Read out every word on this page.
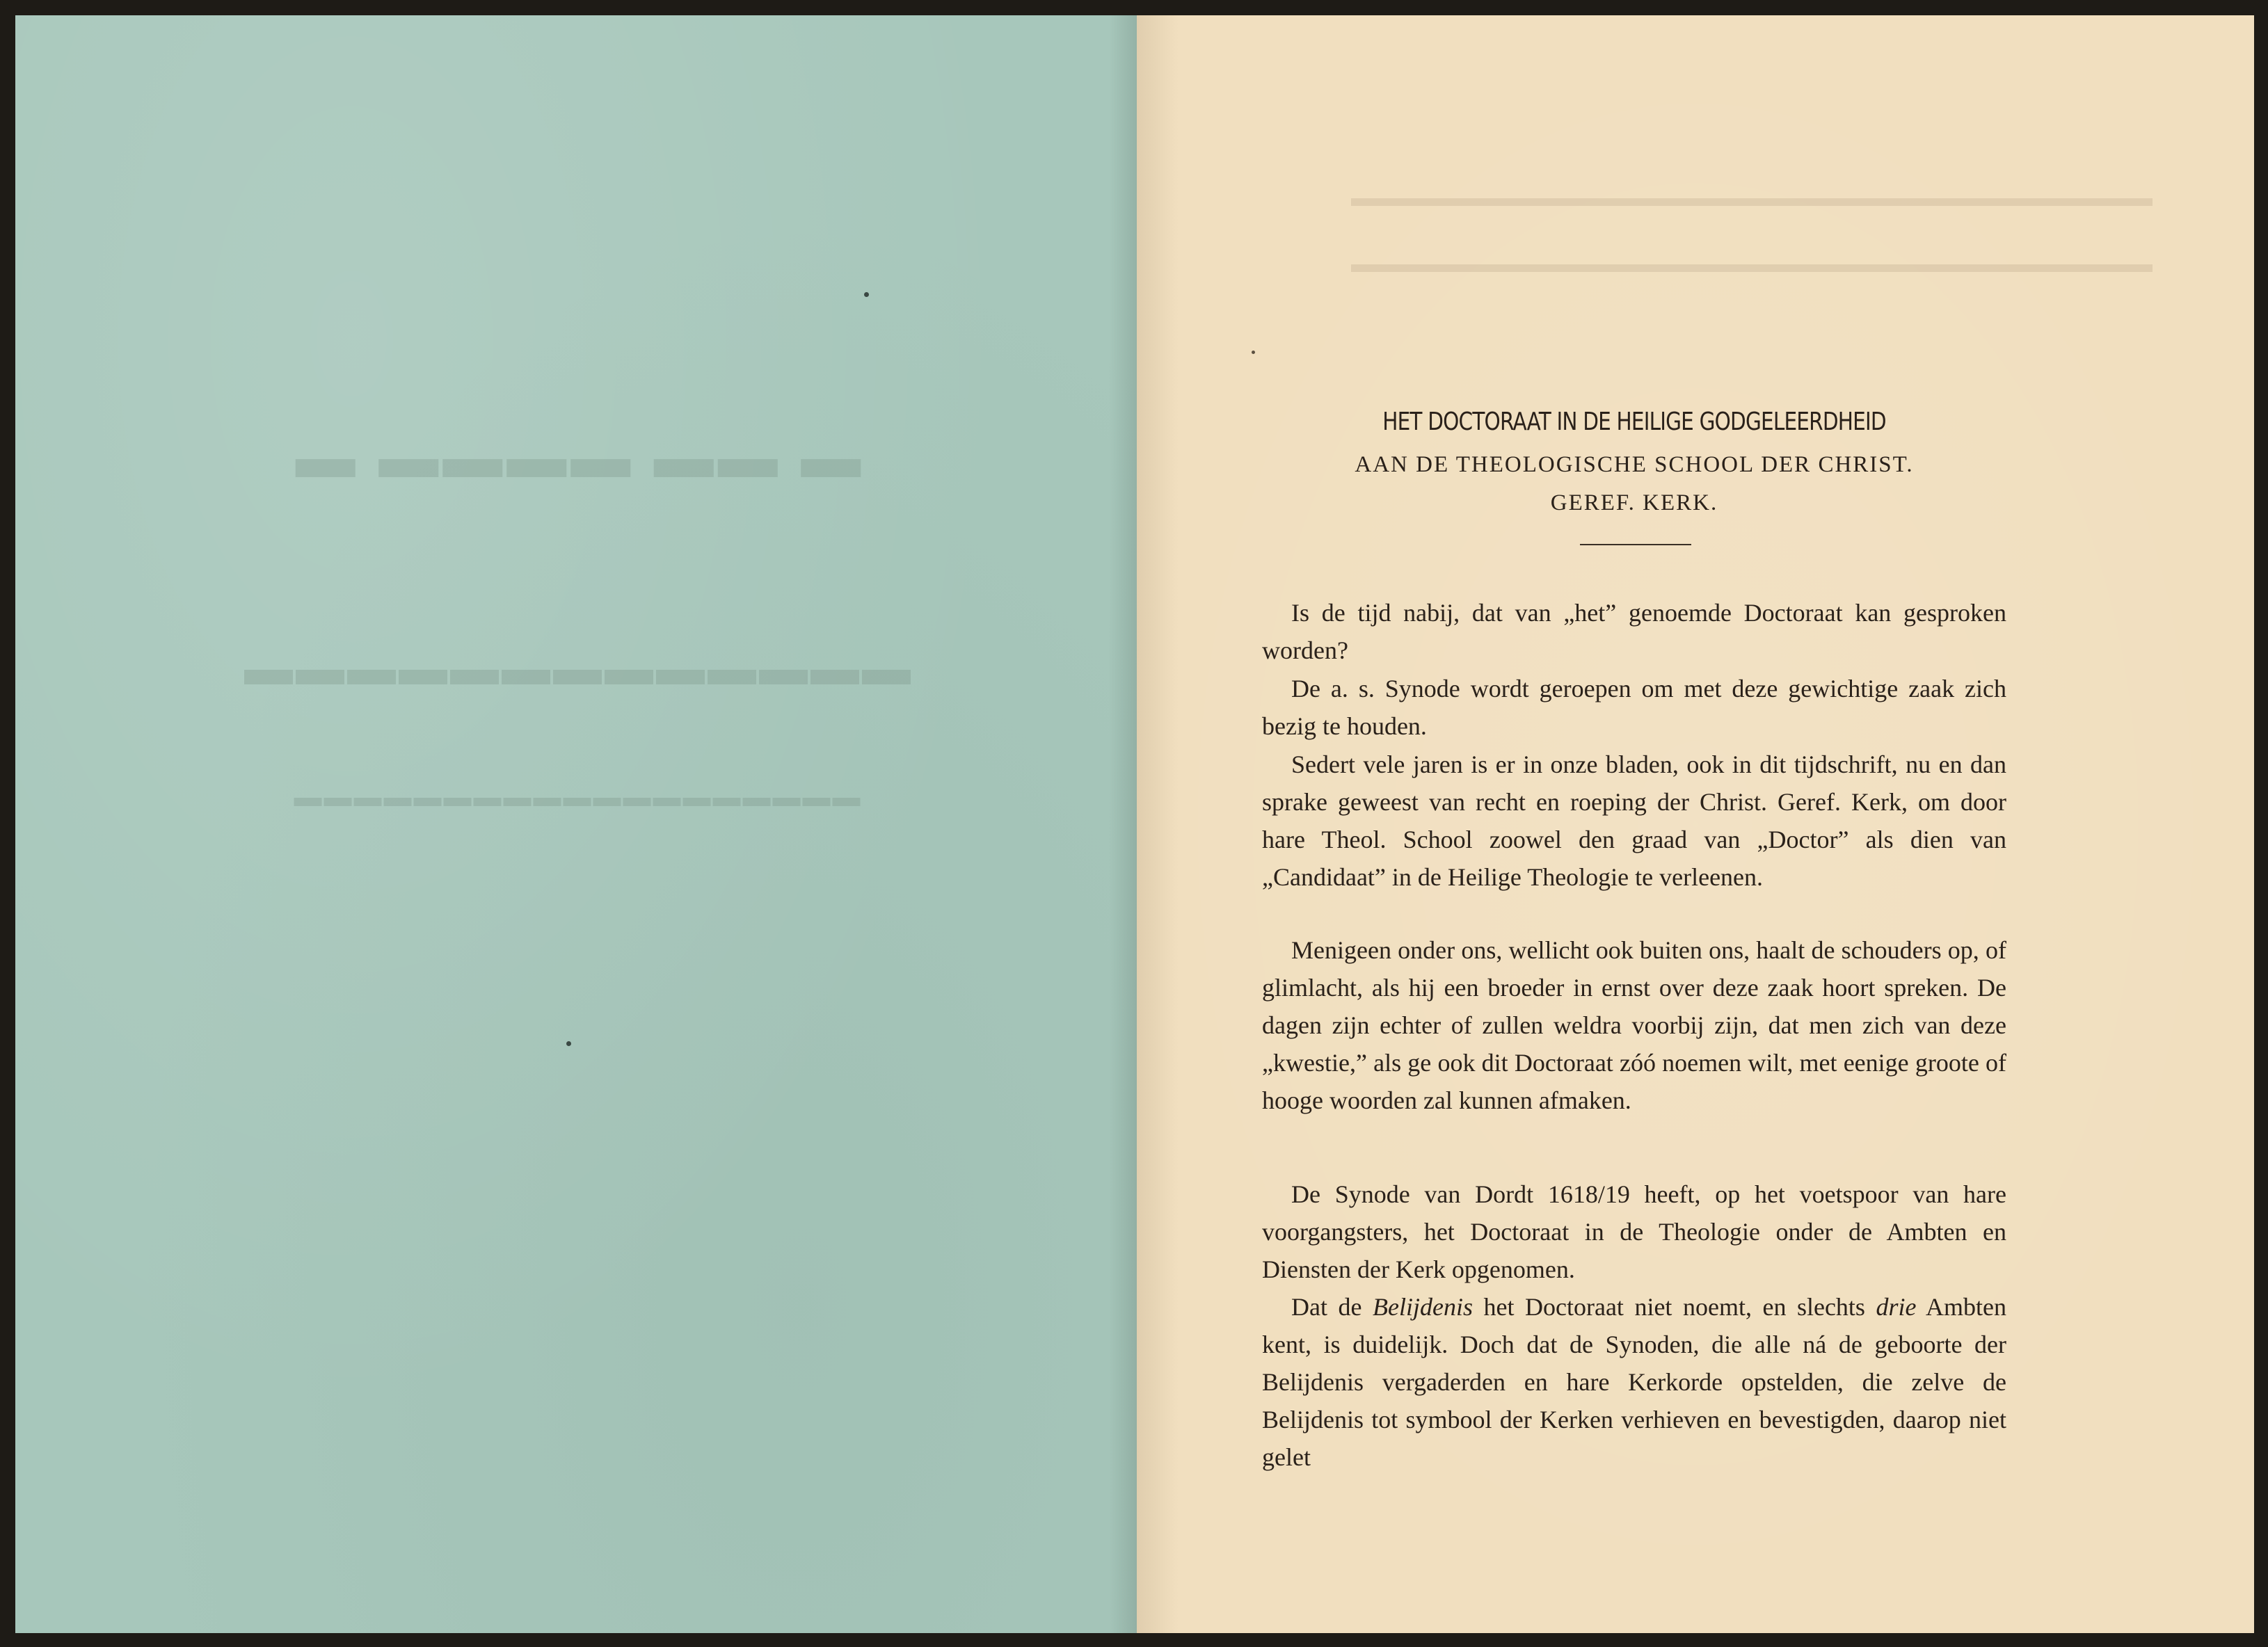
▬ ▬▬ ▬▬▬▬ ▬
▬▬▬▬▬▬▬▬▬▬▬▬▬
▬▬▬▬▬▬▬▬▬▬▬▬▬▬▬▬▬▬▬
▬▬▬▬▬▬▬▬▬▬▬▬▬▬▬▬▬▬▬▬▬▬▬▬▬▬▬▬▬▬▬▬
▬▬▬▬▬▬▬▬▬▬▬▬▬▬▬▬▬▬▬▬▬▬▬▬▬▬▬▬▬▬▬▬
HET DOCTORAAT IN DE HEILIGE GODGELEERDHEID
AAN DE THEOLOGISCHE SCHOOL DER CHRIST.
GEREF. KERK.

Is de tijd nabij, dat van „het” genoemde Doctoraat kan gesproken worden?

De a. s. Synode wordt geroepen om met deze gewichtige zaak zich bezig te houden.

Sedert vele jaren is er in onze bladen, ook in dit tijdschrift, nu en dan sprake geweest van recht en roeping der Christ. Geref. Kerk, om door hare Theol. School zoowel den graad van „Doctor” als dien van „Candidaat” in de Heilige Theologie te verleenen.

Menigeen onder ons, wellicht ook buiten ons, haalt de schouders op, of glimlacht, als hij een broeder in ernst over deze zaak hoort spreken. De dagen zijn echter of zullen weldra voorbij zijn, dat men zich van deze „kwestie,” als ge ook dit Doctoraat zóó noemen wilt, met eenige groote of hooge woorden zal kunnen afmaken.

De Synode van Dordt 1618/19 heeft, op het voetspoor van hare voorgangsters, het Doctoraat in de Theologie onder de Ambten en Diensten der Kerk opgenomen.

Dat de Belijdenis het Doctoraat niet noemt, en slechts drie Ambten kent, is duidelijk. Doch dat de Synoden, die alle ná de geboorte der Belijdenis vergaderden en hare Kerkorde opstelden, die zelve de Belijdenis tot symbool der Kerken verhieven en bevestigden, daarop niet gelet
